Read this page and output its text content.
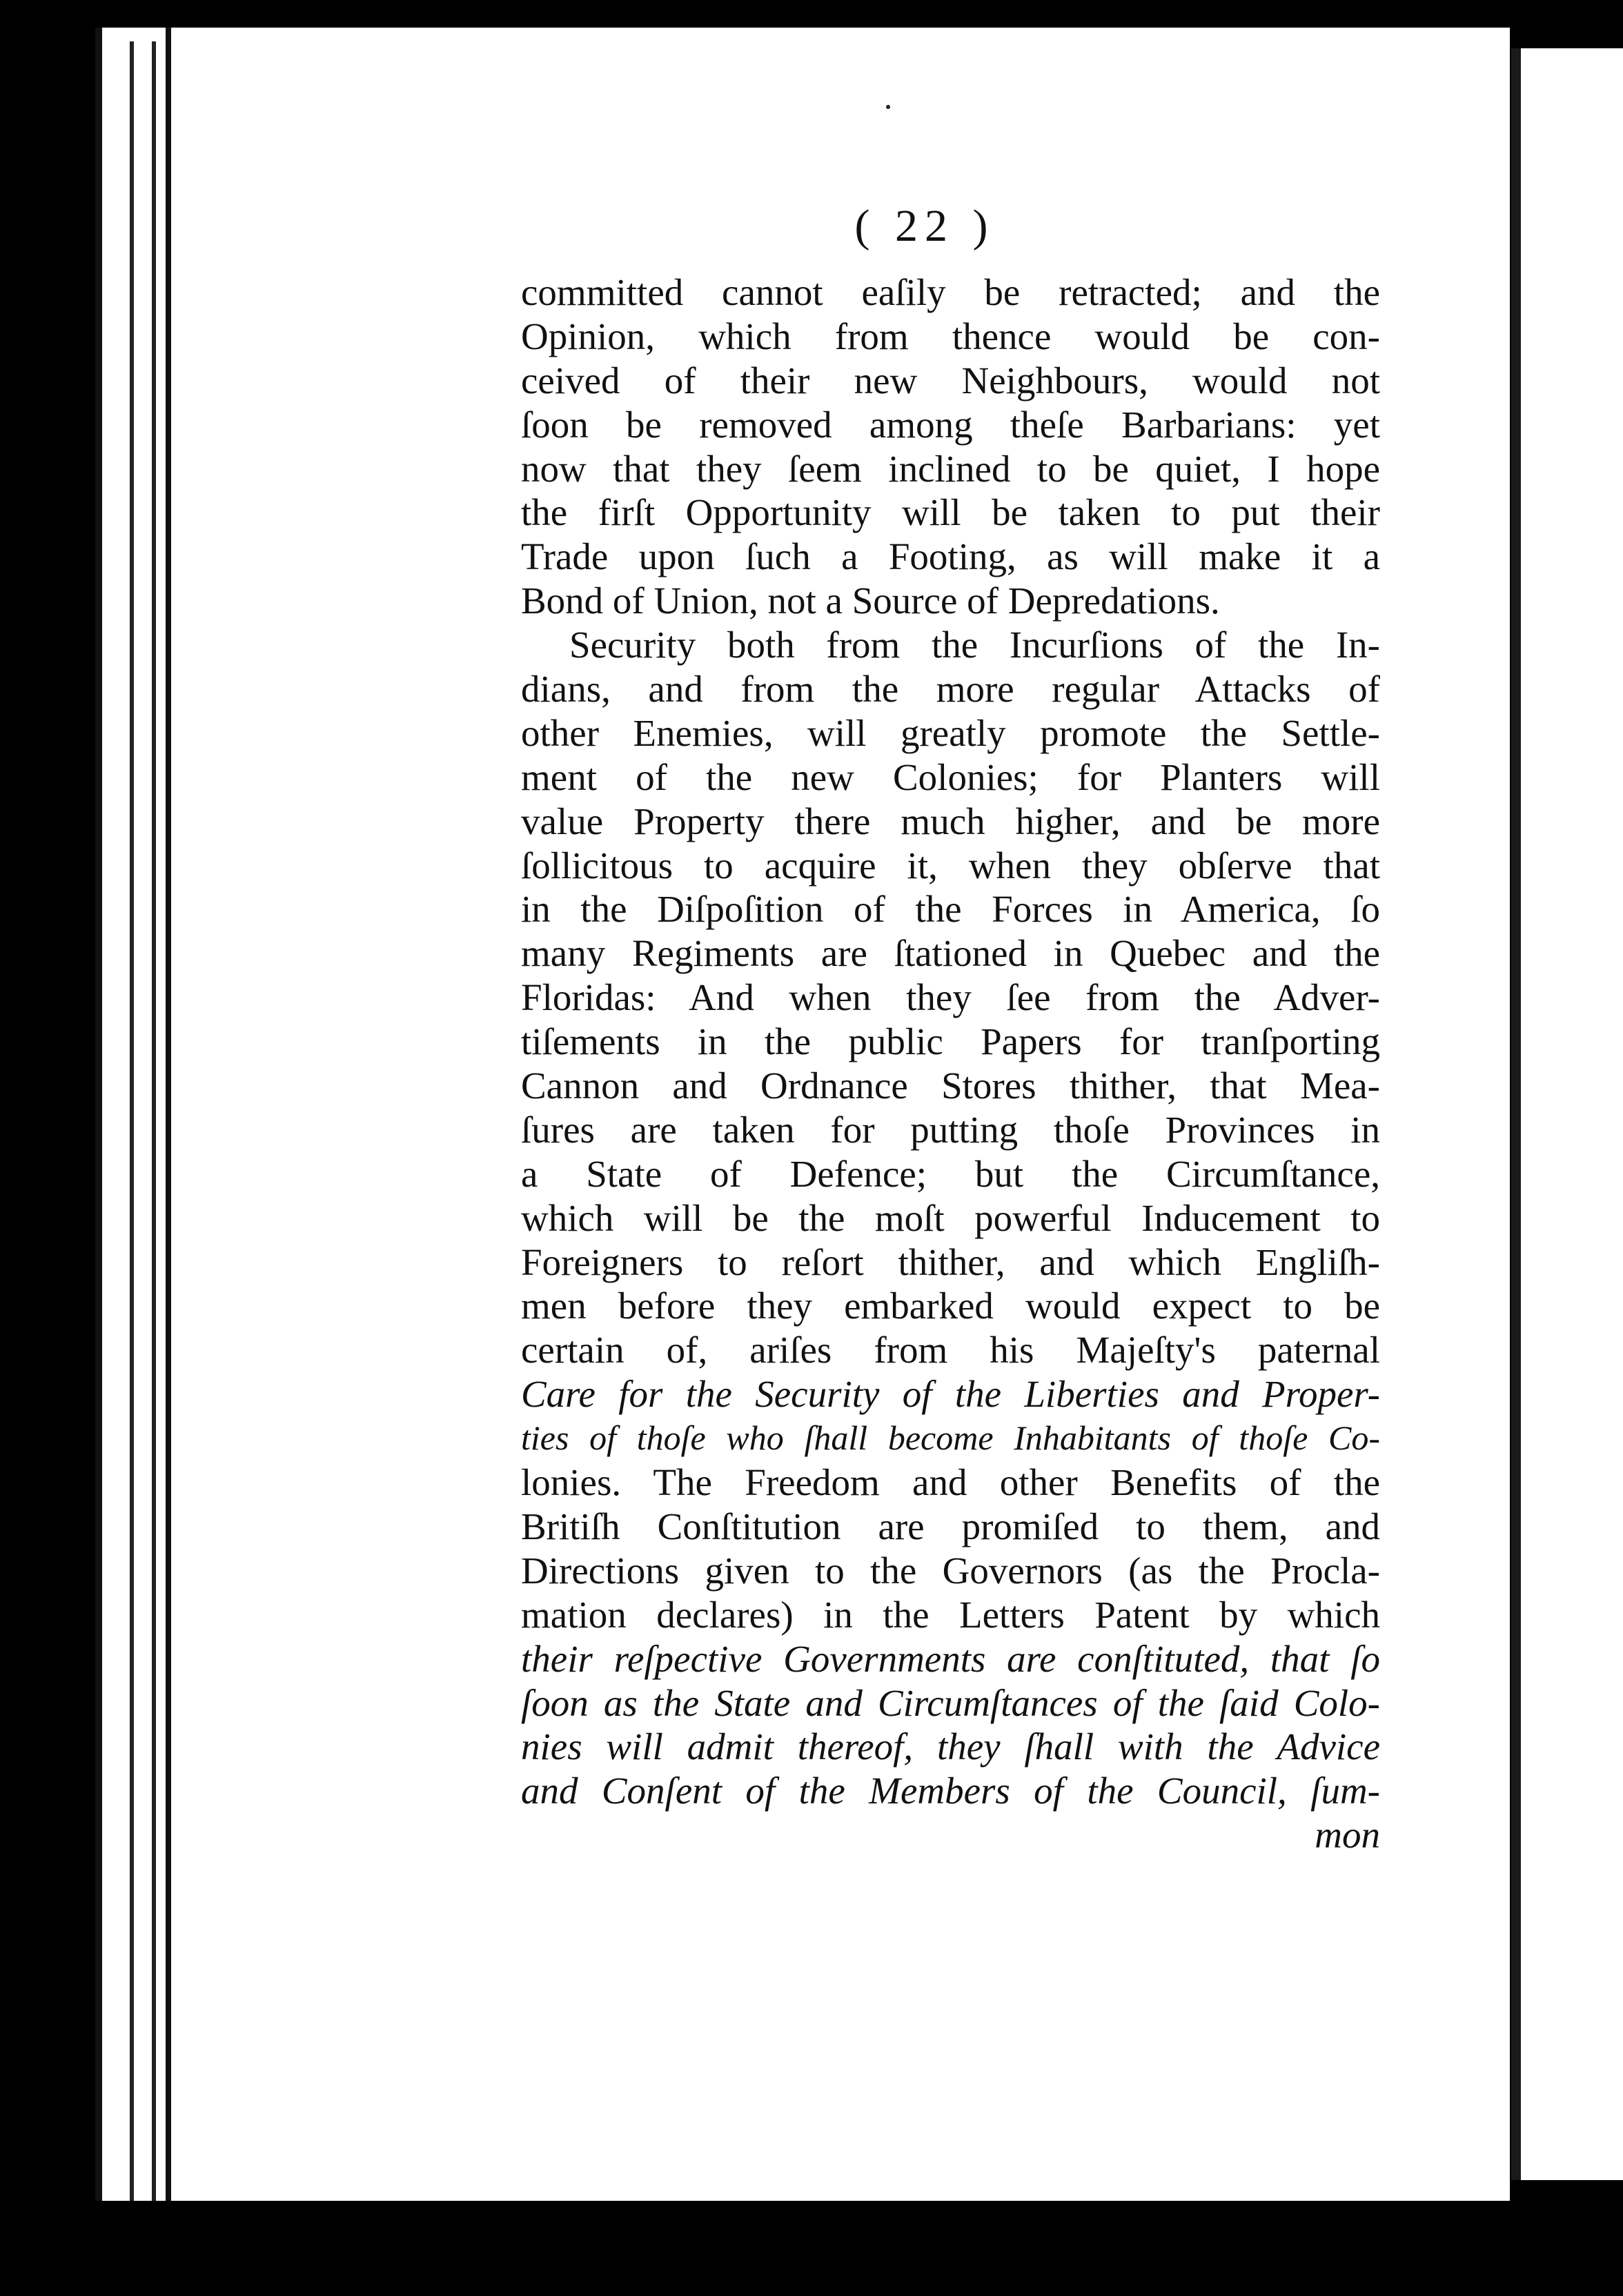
( 22 )
committed cannot eaſily be retracted; and the
Opinion, which from thence would be con-
ceived of their new Neighbours, would not
ſoon be removed among theſe Barbarians: yet
now that they ſeem inclined to be quiet, I hope
the firſt Opportunity will be taken to put their
Trade upon ſuch a Footing, as will make it a
Bond of Union, not a Source of Depredations.
Security both from the Incurſions of the In-
dians, and from the more regular Attacks of
other Enemies, will greatly promote the Settle-
ment of the new Colonies; for Planters will
value Property there much higher, and be more
ſollicitous to acquire it, when they obſerve that
in the Diſpoſition of the Forces in America, ſo
many Regiments are ſtationed in Quebec and the
Floridas: And when they ſee from the Adver-
tiſements in the public Papers for tranſporting
Cannon and Ordnance Stores thither, that Mea-
ſures are taken for putting thoſe Provinces in
a State of Defence; but the Circumſtance,
which will be the moſt powerful Inducement to
Foreigners to reſort thither, and which Engliſh-
men before they embarked would expect to be
certain of, ariſes from his Majeſty's paternal
Care for the Security of the Liberties and Proper-
ties of thoſe who ſhall become Inhabitants of thoſe Co-
lonies. The Freedom and other Benefits of the
Britiſh Conſtitution are promiſed to them, and
Directions given to the Governors (as the Procla-
mation declares) in the Letters Patent by which
their reſpective Governments are conſtituted, that ſo
ſoon as the State and Circumſtances of the ſaid Colo-
nies will admit thereof, they ſhall with the Advice
and Conſent of the Members of the Council, ſum-
mon
